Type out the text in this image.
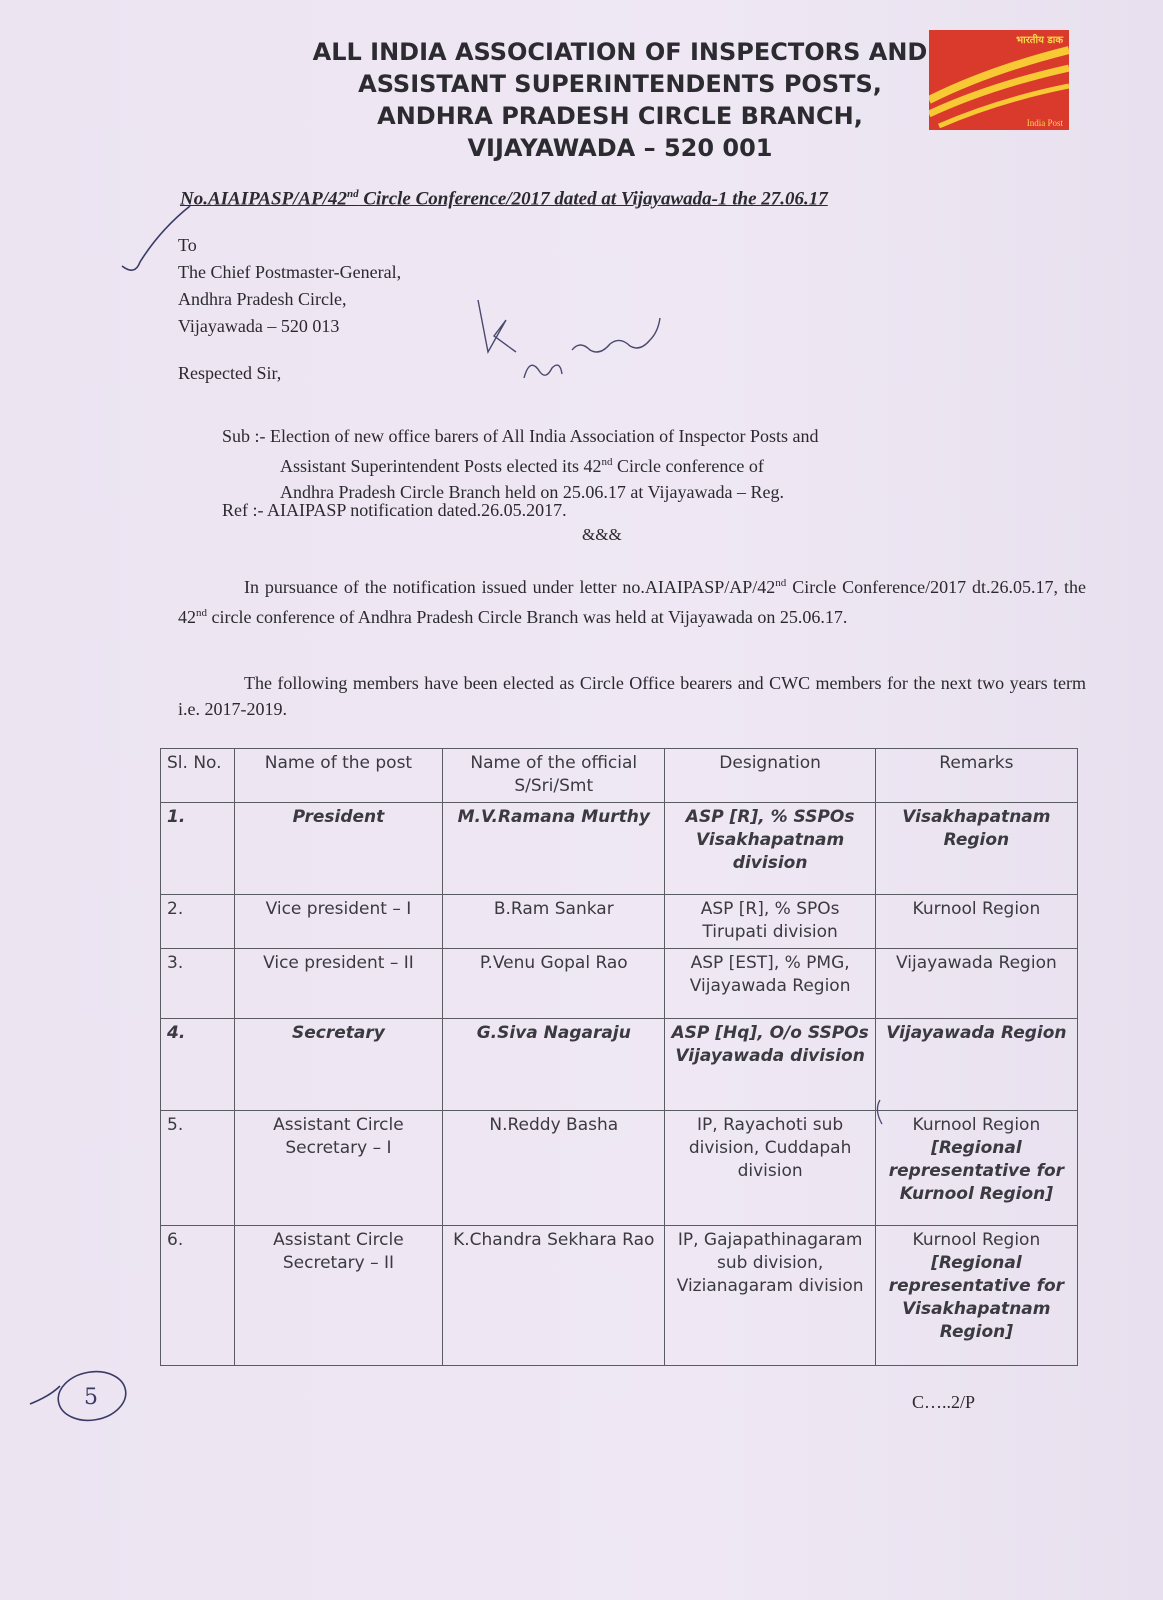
ALL INDIA ASSOCIATION OF INSPECTORS AND
ASSISTANT SUPERINTENDENTS POSTS,
ANDHRA PRADESH CIRCLE BRANCH,
VIJAYAWADA – 520 001
भारतीय डाक
India Post
No.AIAIPASP/AP/42nd Circle Conference/2017 dated at Vijayawada-1 the 27.06.17
To
The Chief Postmaster-General,
Andhra Pradesh Circle,
Vijayawada – 520 013
Respected Sir,
Sub :- Election of new office barers of All India Association of Inspector Posts and
Assistant Superintendent Posts elected its 42nd Circle conference of
Andhra Pradesh Circle Branch held on 25.06.17 at Vijayawada – Reg.
Ref :- AIAIPASP notification dated.26.05.2017.
&&&
In pursuance of the notification issued under letter no.AIAIPASP/AP/42nd Circle Conference/2017 dt.26.05.17, the 42nd circle conference of Andhra Pradesh Circle Branch was held at Vijayawada on 25.06.17.
The following members have been elected as Circle Office bearers and CWC members for the next two years term i.e. 2017-2019.
Sl. No.	Name of the post	Name of the official S/Sri/Smt	Designation	Remarks
1.	President	M.V.Ramana Murthy	ASP [R], % SSPOs Visakhapatnam division	Visakhapatnam Region
2.	Vice president – I	B.Ram Sankar	ASP [R], % SPOs Tirupati division	Kurnool Region
3.	Vice president – II	P.Venu Gopal Rao	ASP [EST], % PMG, Vijayawada Region	Vijayawada Region
4.	Secretary	G.Siva Nagaraju	ASP [Hq], O/o SSPOs Vijayawada division	Vijayawada Region
5.	Assistant Circle Secretary – I	N.Reddy Basha	IP, Rayachoti sub division, Cuddapah division	Kurnool Region
[Regional representative for Kurnool Region]

6.	Assistant Circle Secretary – II	K.Chandra Sekhara Rao	IP, Gajapathinagaram sub division, Vizianagaram division	Kurnool Region
[Regional representative for Visakhapatnam Region]
C…..2/P
5
